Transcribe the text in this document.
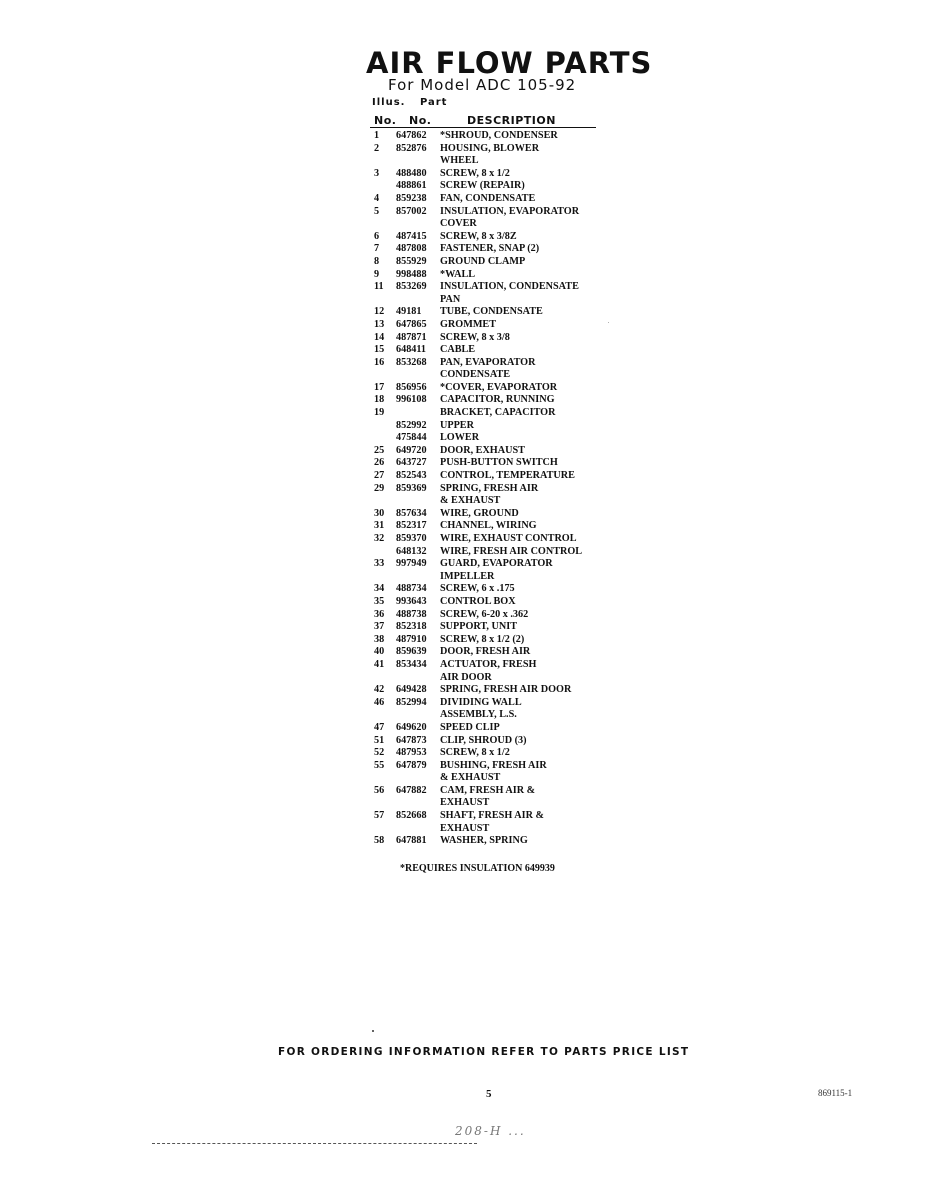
AIR FLOW PARTS
For Model ADC 105-92
Illus. Part
No. No.	DESCRIPTION
1	647862	*SHROUD, CONDENSER
2	852876	HOUSING, BLOWER
WHEEL
3	488480	SCREW, 8 x 1/2
488861	SCREW (REPAIR)
4	859238	FAN, CONDENSATE
5	857002	INSULATION, EVAPORATOR
COVER
6	487415	SCREW, 8 x 3/8Z
7	487808	FASTENER, SNAP (2)
8	855929	GROUND CLAMP
9	998488	*WALL
11	853269	INSULATION, CONDENSATE
PAN
12	49181	TUBE, CONDENSATE
13	647865	GROMMET
14	487871	SCREW, 8 x 3/8
15	648411	CABLE
16	853268	PAN, EVAPORATOR
CONDENSATE
17	856956	*COVER, EVAPORATOR
18	996108	CAPACITOR, RUNNING
19	BRACKET, CAPACITOR
852992	UPPER
475844	LOWER
25	649720	DOOR, EXHAUST
26	643727	PUSH-BUTTON SWITCH
27	852543	CONTROL, TEMPERATURE
29	859369	SPRING, FRESH AIR
& EXHAUST
30	857634	WIRE, GROUND
31	852317	CHANNEL, WIRING
32	859370	WIRE, EXHAUST CONTROL
648132	WIRE, FRESH AIR CONTROL
33	997949	GUARD, EVAPORATOR
IMPELLER
34	488734	SCREW, 6 x .175
35	993643	CONTROL BOX
36	488738	SCREW, 6-20 x .362
37	852318	SUPPORT, UNIT
38	487910	SCREW, 8 x 1/2 (2)
40	859639	DOOR, FRESH AIR
41	853434	ACTUATOR, FRESH
AIR DOOR
42	649428	SPRING, FRESH AIR DOOR
46	852994	DIVIDING WALL
ASSEMBLY, L.S.
47	649620	SPEED CLIP
51	647873	CLIP, SHROUD (3)
52	487953	SCREW, 8 x 1/2
55	647879	BUSHING, FRESH AIR
& EXHAUST
56	647882	CAM, FRESH AIR &
EXHAUST
57	852668	SHAFT, FRESH AIR &
EXHAUST
58	647881	WASHER, SPRING
*REQUIRES INSULATION 649939
FOR ORDERING INFORMATION REFER TO PARTS PRICE LIST
5	869115-1
208-H ...
